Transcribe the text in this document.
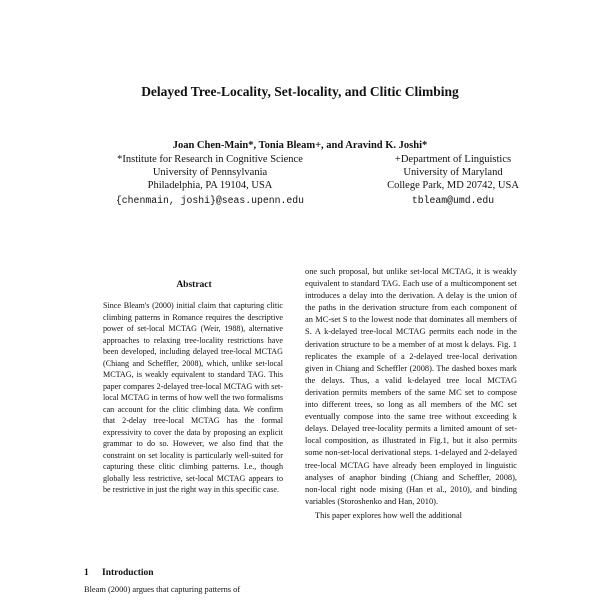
Delayed Tree-Locality, Set-locality, and Clitic Climbing
Joan Chen-Main*, Tonia Bleam+, and Aravind K. Joshi*
*Institute for Research in Cognitive Science
University of Pennsylvania
Philadelphia, PA 19104, USA
{chenmain, joshi}@seas.upenn.edu
+Department of Linguistics
University of Maryland
College Park, MD 20742, USA
tbleam@umd.edu
Abstract
Since Bleam's (2000) initial claim that capturing clitic climbing patterns in Romance requires the descriptive power of set-local MCTAG (Weir, 1988), alternative approaches to relaxing tree-locality restrictions have been developed, including delayed tree-local MCTAG (Chiang and Scheffler, 2008), which, unlike set-local MCTAG, is weakly equivalent to standard TAG. This paper compares 2-delayed tree-local MCTAG with set-local MCTAG in terms of how well the two formalisms can account for the clitic climbing data. We confirm that 2-delay tree-local MCTAG has the formal expressivity to cover the data by proposing an explicit grammar to do so. However, we also find that the constraint on set locality is particularly well-suited for capturing these clitic climbing patterns. I.e., though globally less restrictive, set-local MCTAG appears to be restrictive in just the right way in this specific case.
1 Introduction
Bleam (2000) argues that capturing patterns of

one such proposal, but unlike set-local MCTAG, it is weakly equivalent to standard TAG. Each use of a multicomponent set introduces a delay into the derivation. A delay is the union of the paths in the derivation structure from each component of an MC-set S to the lowest node that dominates all members of S. A k-delayed tree-local MCTAG permits each node in the derivation structure to be a member of at most k delays. Fig. 1 replicates the example of a 2-delayed tree-local derivation given in Chiang and Scheffler (2008). The dashed boxes mark the delays. Thus, a valid k-delayed tree local MCTAG derivation permits members of the same MC set to compose into different trees, so long as all members of the MC set eventually compose into the same tree without exceeding k delays. Delayed tree-locality permits a limited amount of set-local composition, as illustrated in Fig.1, but it also permits some non-set-local derivational steps. 1-delayed and 2-delayed tree-local MCTAG have already been employed in linguistic analyses of anaphor binding (Chiang and Scheffler, 2008), non-local right node mising (Han et al., 2010), and binding variables (Storoshenko and Han, 2010).

This paper explores how well the additional
